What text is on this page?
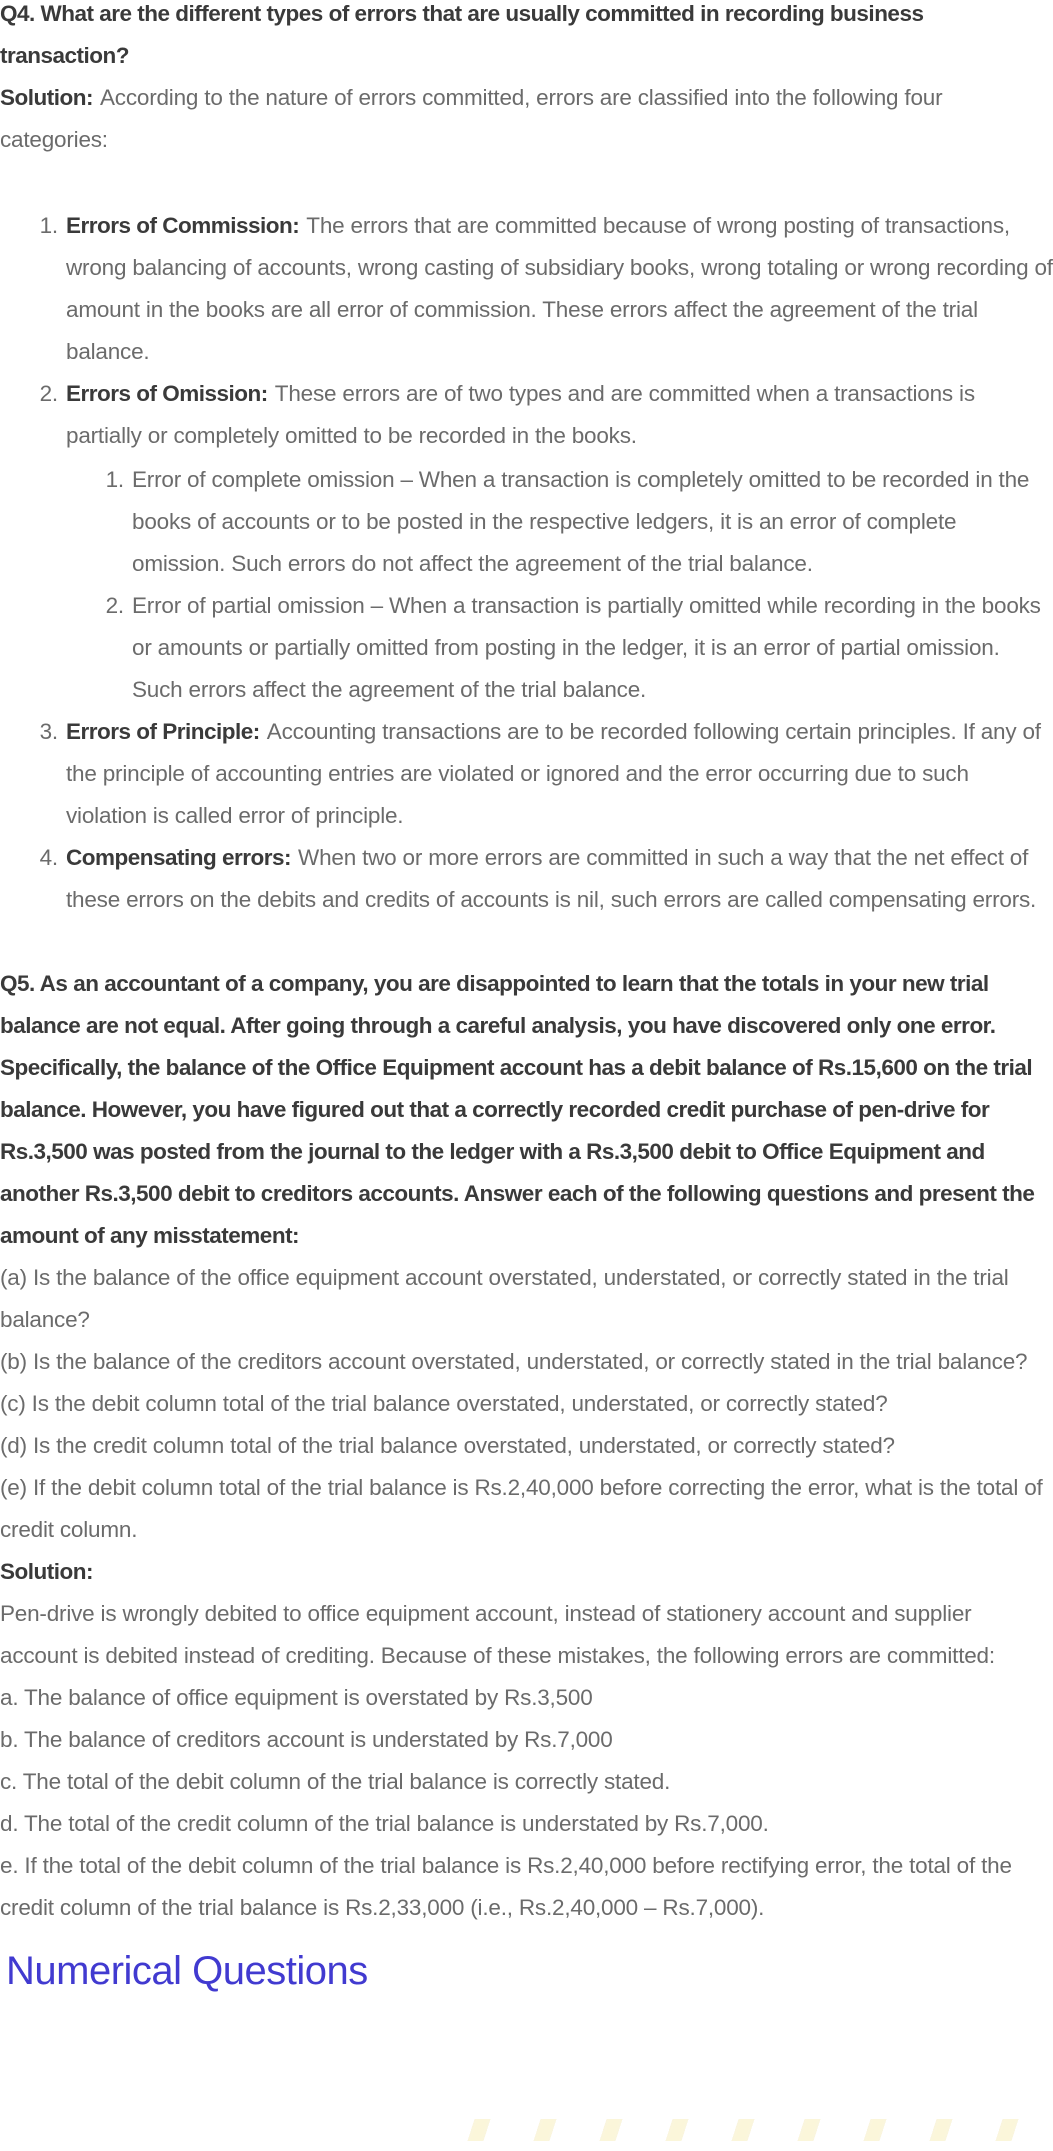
Q4. What are the different types of errors that are usually committed in recording business transaction?

Solution: According to the nature of errors committed, errors are classified into the following four categories:

1. Errors of Commission: The errors that are committed because of wrong posting of transactions, wrong balancing of accounts, wrong casting of subsidiary books, wrong totaling or wrong recording of amount in the books are all error of commission. These errors affect the agreement of the trial balance.
2. Errors of Omission: These errors are of two types and are committed when a transactions is partially or completely omitted to be recorded in the books.
1. Error of complete omission – When a transaction is completely omitted to be recorded in the books of accounts or to be posted in the respective ledgers, it is an error of complete omission. Such errors do not affect the agreement of the trial balance.
2. Error of partial omission – When a transaction is partially omitted while recording in the books or amounts or partially omitted from posting in the ledger, it is an error of partial omission. Such errors affect the agreement of the trial balance.
3. Errors of Principle: Accounting transactions are to be recorded following certain principles. If any of the principle of accounting entries are violated or ignored and the error occurring due to such violation is called error of principle.
4. Compensating errors: When two or more errors are committed in such a way that the net effect of these errors on the debits and credits of accounts is nil, such errors are called compensating errors.

Q5. As an accountant of a company, you are disappointed to learn that the totals in your new trial balance are not equal. After going through a careful analysis, you have discovered only one error. Specifically, the balance of the Office Equipment account has a debit balance of Rs.15,600 on the trial balance. However, you have figured out that a correctly recorded credit purchase of pen-drive for Rs.3,500 was posted from the journal to the ledger with a Rs.3,500 debit to Office Equipment and another Rs.3,500 debit to creditors accounts. Answer each of the following questions and present the amount of any misstatement:

(a) Is the balance of the office equipment account overstated, understated, or correctly stated in the trial balance?
(b) Is the balance of the creditors account overstated, understated, or correctly stated in the trial balance?
(c) Is the debit column total of the trial balance overstated, understated, or correctly stated?
(d) Is the credit column total of the trial balance overstated, understated, or correctly stated?
(e) If the debit column total of the trial balance is Rs.2,40,000 before correcting the error, what is the total of credit column.

Solution:

Pen-drive is wrongly debited to office equipment account, instead of stationery account and supplier account is debited instead of crediting. Because of these mistakes, the following errors are committed:

a. The balance of office equipment is overstated by Rs.3,500
b. The balance of creditors account is understated by Rs.7,000
c. The total of the debit column of the trial balance is correctly stated.
d. The total of the credit column of the trial balance is understated by Rs.7,000.
e. If the total of the debit column of the trial balance is Rs.2,40,000 before rectifying error, the total of the credit column of the trial balance is Rs.2,33,000 (i.e., Rs.2,40,000 – Rs.7,000).
Numerical Questions
